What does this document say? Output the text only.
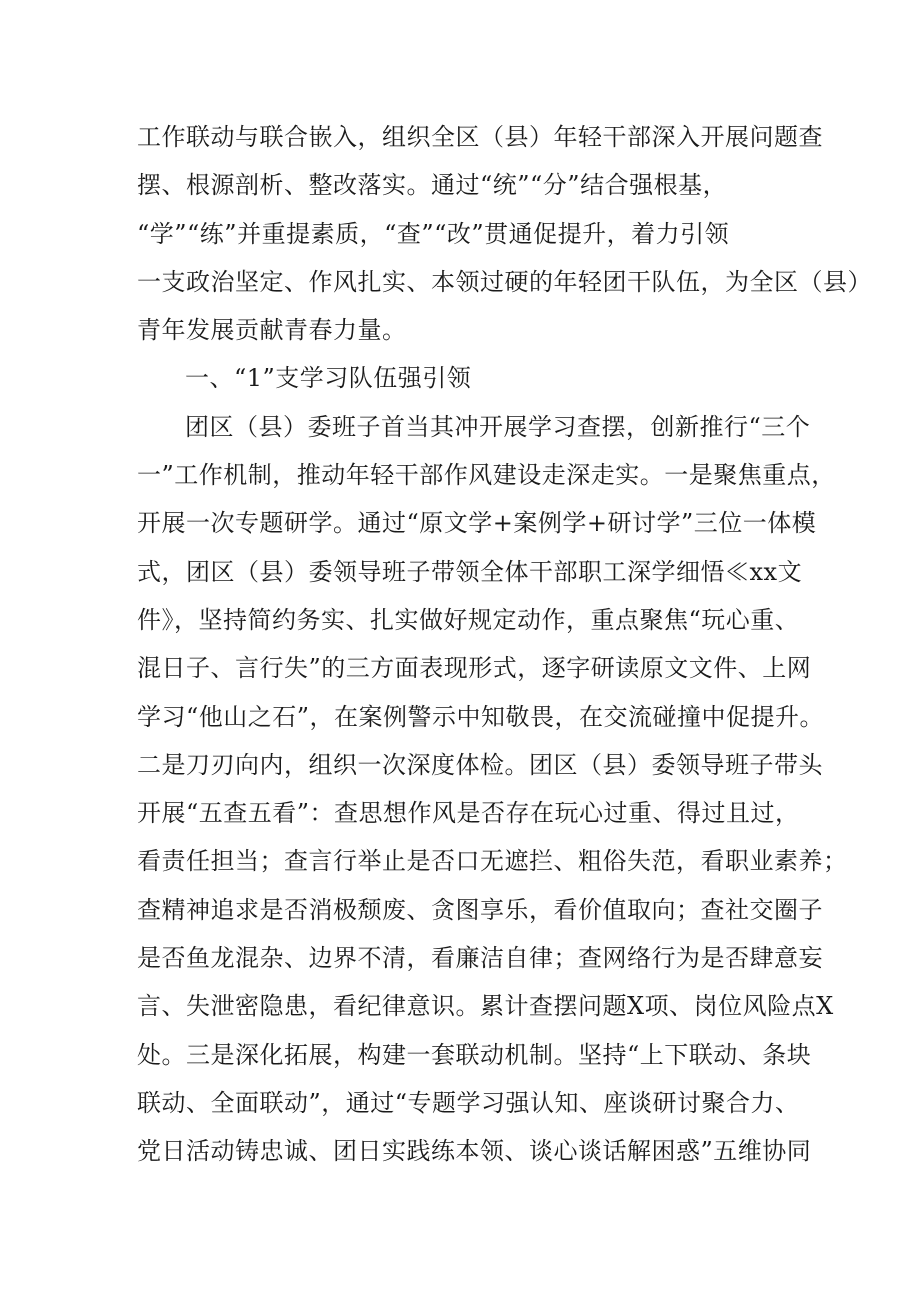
工作联动与联合嵌入，组织全区（县）年轻干部深入开展问题查
摆、根源剖析、整改落实。通过“统”“分”结合强根基，
“学”“练”并重提素质，“查”“改”贯通促提升，着力引领
一支政治坚定、作风扎实、本领过硬的年轻团干队伍，为全区（县）
青年发展贡献青春力量。
一、“1”支学习队伍强引领
团区（县）委班子首当其冲开展学习查摆，创新推行“三个
一”工作机制，推动年轻干部作风建设走深走实。一是聚焦重点，
开展一次专题研学。通过“原文学+案例学+研讨学”三位一体模
式，团区（县）委领导班子带领全体干部职工深学细悟≪xx文
件》，坚持简约务实、扎实做好规定动作，重点聚焦“玩心重、
混日子、言行失”的三方面表现形式，逐字研读原文文件、上网
学习“他山之石”，在案例警示中知敬畏，在交流碰撞中促提升。
二是刀刃向内，组织一次深度体检。团区（县）委领导班子带头
开展“五查五看”：查思想作风是否存在玩心过重、得过且过，
看责任担当；查言行举止是否口无遮拦、粗俗失范，看职业素养；
查精神追求是否消极颓废、贪图享乐，看价值取向；查社交圈子
是否鱼龙混杂、边界不清，看廉洁自律；查网络行为是否肆意妄
言、失泄密隐患，看纪律意识。累计查摆问题X项、岗位风险点X
处。三是深化拓展，构建一套联动机制。坚持“上下联动、条块
联动、全面联动”，通过“专题学习强认知、座谈研讨聚合力、
党日活动铸忠诚、团日实践练本领、谈心谈话解困惑”五维协同
